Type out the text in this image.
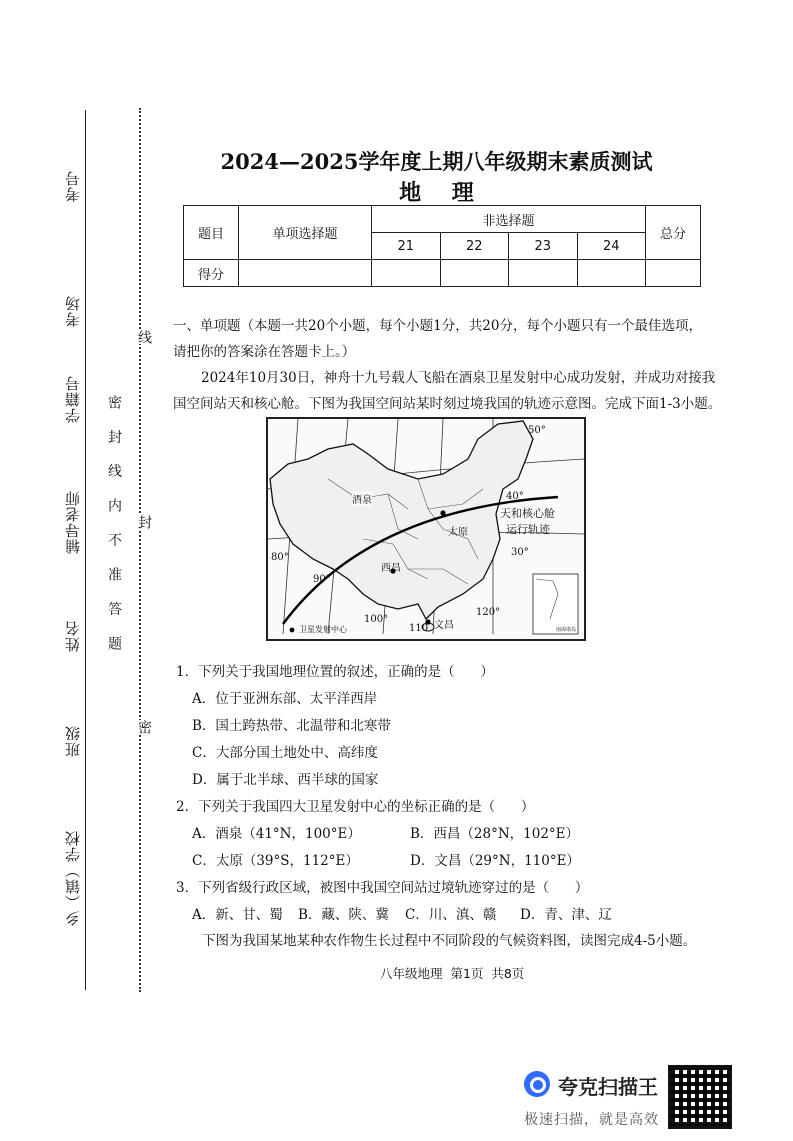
考号
考场
学籍号
辅导老师
姓名
班级
乡（镇）学校
密 封 线 内 不 准 答 题
线
封
密
2024—2025学年度上期八年级期末素质测试
地    理
题目	单项选择题	非选择题				总分
		21	22	23	24	
得分						
一、单项题（本题一共20个小题，每个小题1分，共20分，每个小题只有一个最佳选项，
请把你的答案涂在答题卡上。）
2024年10月30日，神舟十九号载人飞船在酒泉卫星发射中心成功发射，并成功对接我
国空间站天和核心舱。下图为我国空间站某时刻过境我国的轨迹示意图。完成下面1-3小题。
50°
40°
30°
80°
90°
100°
110
120°
酒泉
太原
西昌
文昌
天和核心舱
运行轨迹
卫星发射中心	南海诸岛
1．下列关于我国地理位置的叙述，正确的是（      ）
A．位于亚洲东部、太平洋西岸
B．国土跨热带、北温带和北寒带
C．大部分国土地处中、高纬度
D．属于北半球、西半球的国家
2．下列关于我国四大卫星发射中心的坐标正确的是（      ）
A．酒泉（41°N，100°E）	B．西昌（28°N，102°E）
C．太原（39°S，112°E）	D．文昌（29°N，110°E）
3．下列省级行政区域，被图中我国空间站过境轨迹穿过的是（      ）
A．新、甘、蜀 B．藏、陕、冀 C．川、滇、赣 D．青、津、辽
下图为我国某地某种农作物生长过程中不同阶段的气候资料图，读图完成4-5小题。
八年级地理  第1页  共8页
夸克扫描王
极速扫描，就是高效
